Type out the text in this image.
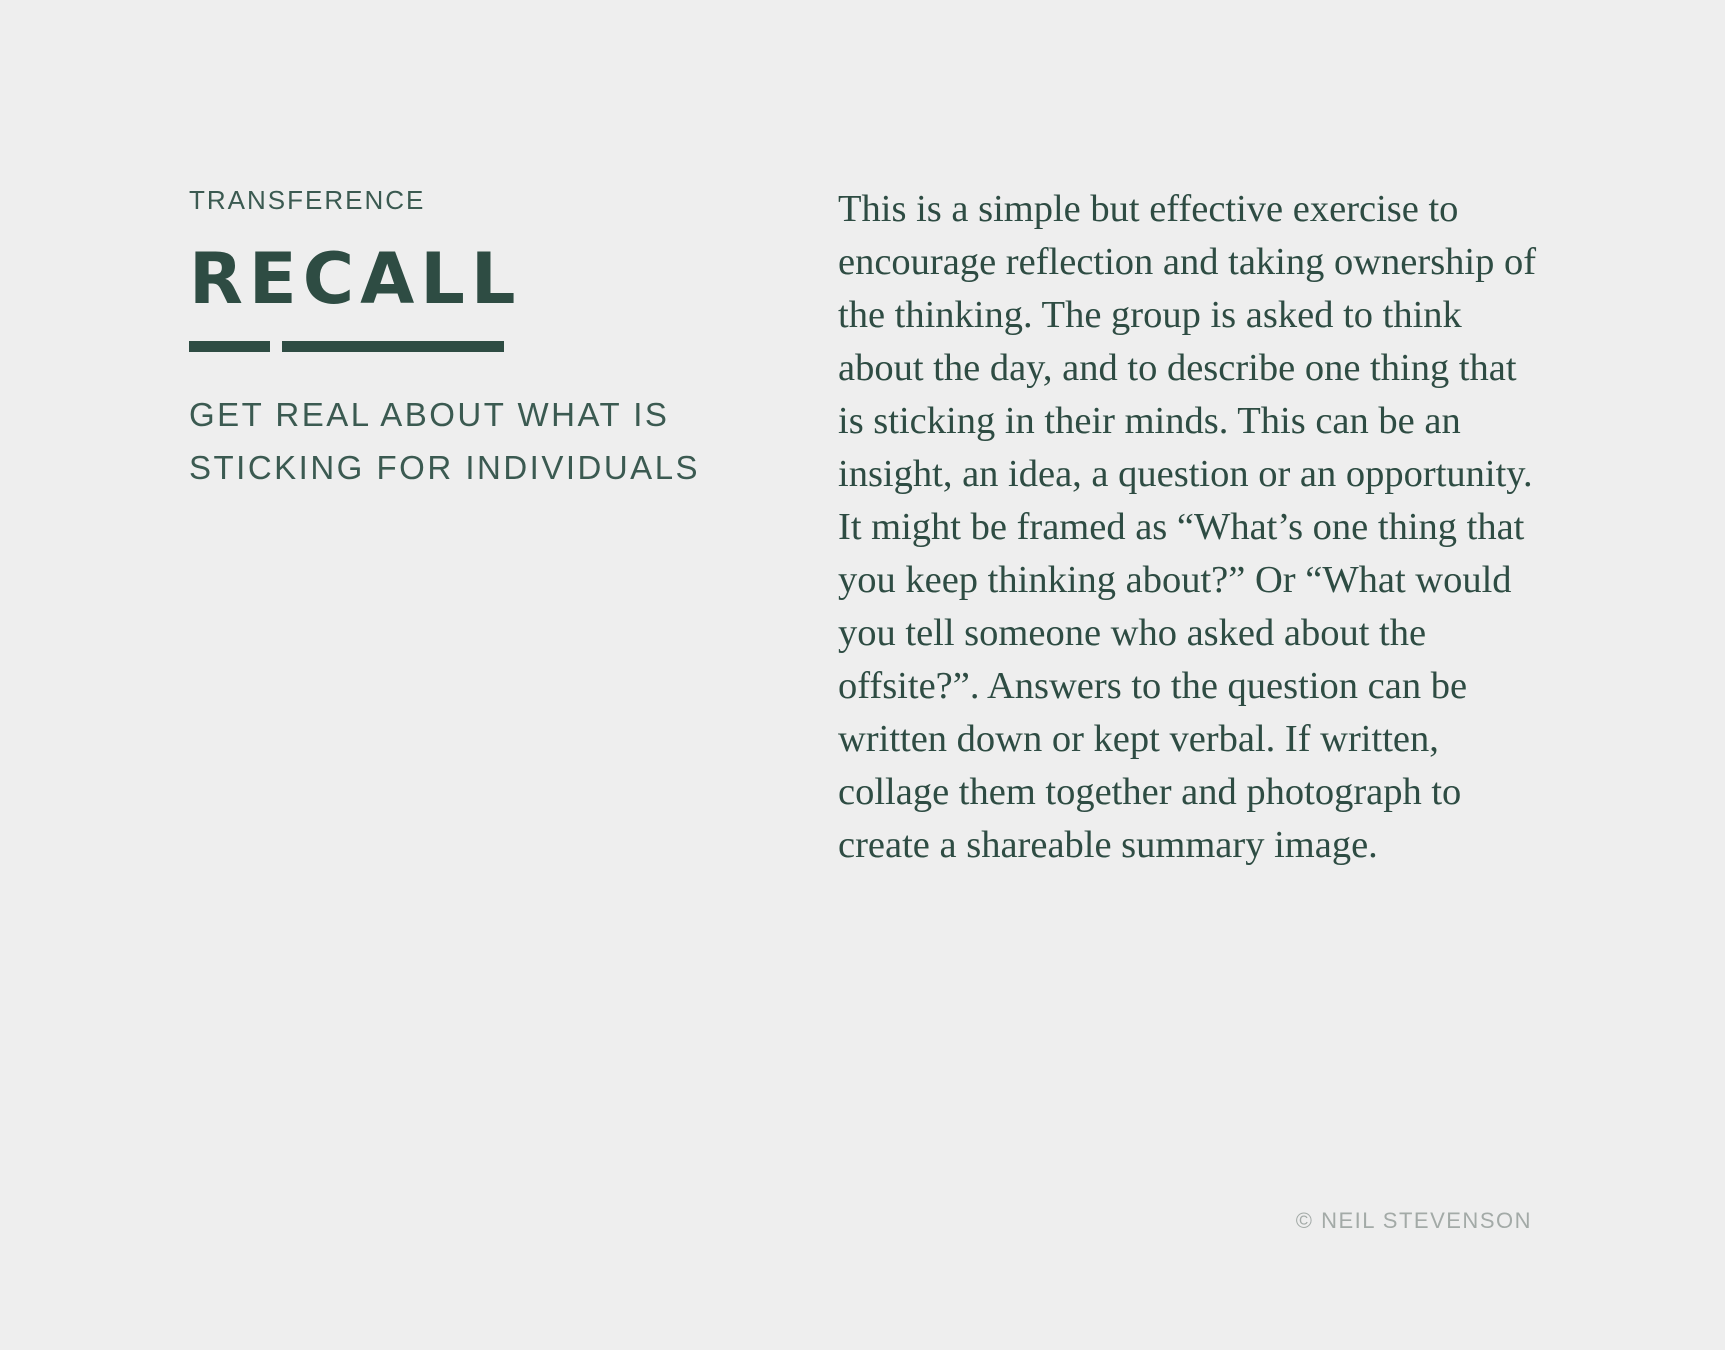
TRANSFERENCE

RECALL

GET REAL ABOUT WHAT IS
STICKING FOR INDIVIDUALS

This is a simple but effective exercise to encourage reflection and taking ownership of the thinking. The group is asked to think about the day, and to describe one thing that is sticking in their minds. This can be an insight, an idea, a question or an opportunity. It might be framed as “What’s one thing that you keep thinking about?” Or “What would you tell someone who asked about the offsite?”. Answers to the question can be written down or kept verbal. If written, collage them together and photograph to create a shareable summary image.

© NEIL STEVENSON
